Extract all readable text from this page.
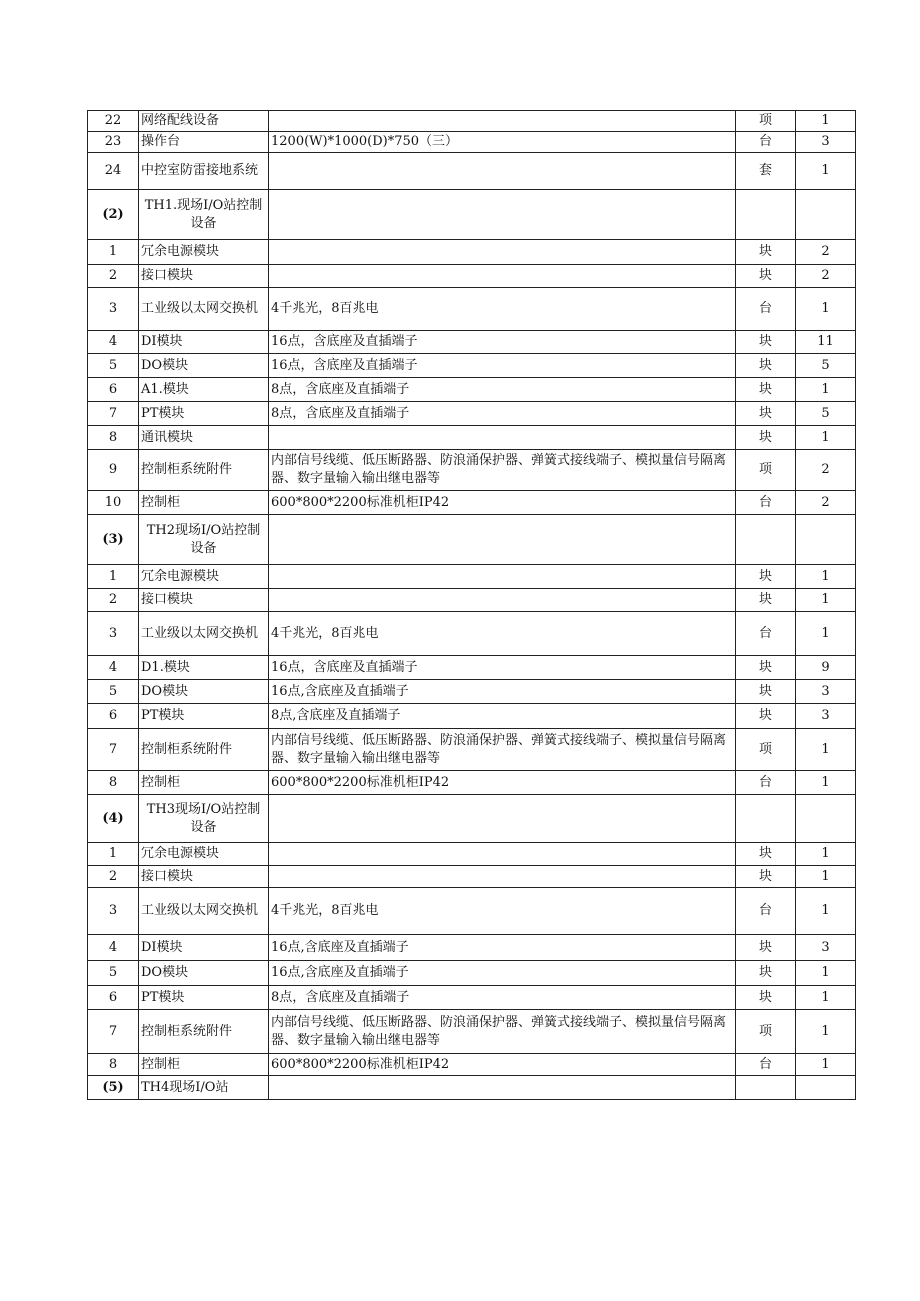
22	网络配线设备		项	1
23	操作台	1200(W)*1000(D)*750（三）	台	3
24	中控室防雷接地系统		套	1
(2)	TH1.现场I/O站控制设备			
1	冗余电源模块		块	2
2	接口模块		块	2
3	工业级以太网交换机	4千兆光，8百兆电	台	1
4	DI模块	16点，含底座及直插端子	块	11
5	DO模块	16点，含底座及直插端子	块	5
6	A1.模块	8点，含底座及直插端子	块	1
7	PT模块	8点，含底座及直插端子	块	5
8	通讯模块		块	1
9	控制柜系统附件	内部信号线缆、低压断路器、防浪涌保护器、弹簧式接线端子、模拟量信号隔离器、数字量输入输出继电器等	项	2
10	控制柜	600*800*2200标准机柜IP42	台	2
(3)	TH2现场I/O站控制设备			
1	冗余电源模块		块	1
2	接口模块		块	1
3	工业级以太网交换机	4千兆光，8百兆电	台	1
4	D1.模块	16点，含底座及直插端子	块	9
5	DO模块	16点,含底座及直插端子	块	3
6	PT模块	8点,含底座及直插端子	块	3
7	控制柜系统附件	内部信号线缆、低压断路器、防浪涌保护器、弹簧式接线端子、模拟量信号隔离器、数字量输入输出继电器等	项	1
8	控制柜	600*800*2200标准机柜IP42	台	1
(4)	TH3现场I/O站控制设备			
1	冗余电源模块		块	1
2	接口模块		块	1
3	工业级以太网交换机	4千兆光，8百兆电	台	1
4	DI模块	16点,含底座及直插端子	块	3
5	DO模块	16点,含底座及直插端子	块	1
6	PT模块	8点，含底座及直插端子	块	1
7	控制柜系统附件	内部信号线缆、低压断路器、防浪涌保护器、弹簧式接线端子、模拟量信号隔离器、数字量输入输出继电器等	项	1
8	控制柜	600*800*2200标准机柜IP42	台	1
(5)	TH4现场I/O站			
